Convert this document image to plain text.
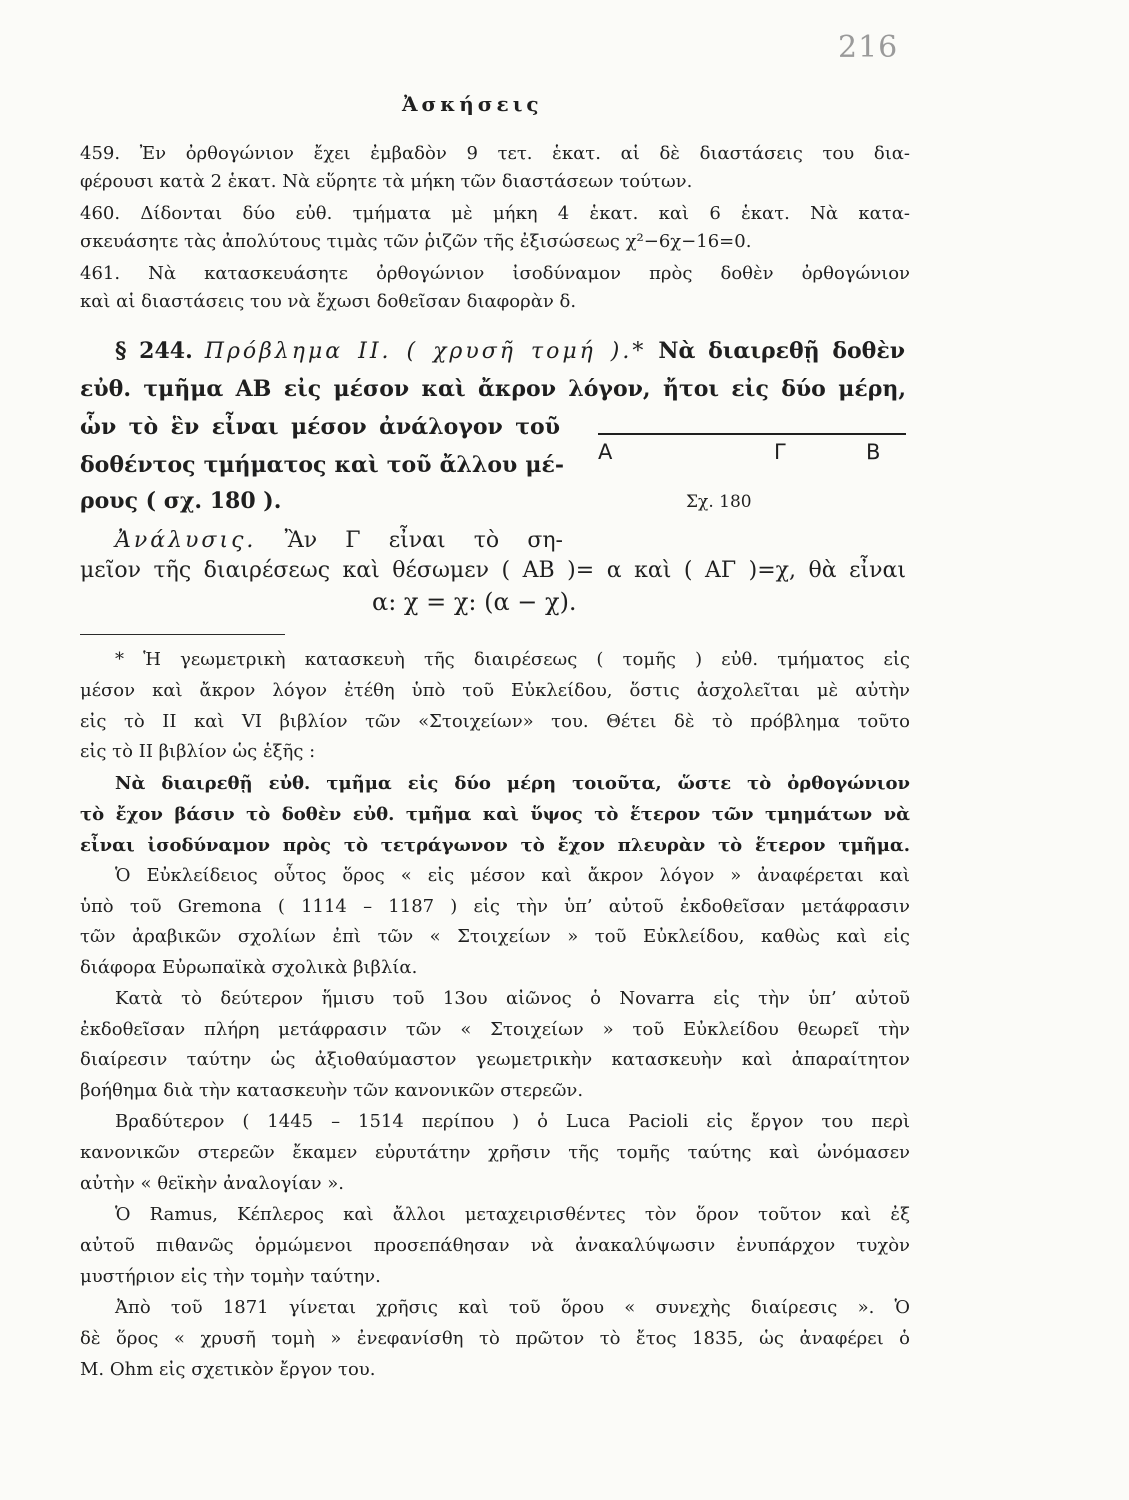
216
Ἀσκήσεις
459. Ἐν ὀρθογώνιον ἔχει ἐμβαδὸν 9 τετ. ἑκατ. αἱ δὲ διαστάσεις του δια-
φέρουσι κατὰ 2 ἑκατ. Νὰ εὕρητε τὰ μήκη τῶν διαστάσεων τούτων.
460. Δίδονται δύο εὐθ. τμήματα μὲ μήκη 4 ἑκατ. καὶ 6 ἑκατ. Νὰ κατα-
σκευάσητε τὰς ἀπολύτους τιμὰς τῶν ῥιζῶν τῆς ἐξισώσεως χ²−6χ−16=0.
461. Νὰ κατασκευάσητε ὀρθογώνιον ἰσοδύναμον πρὸς δοθὲν ὀρθογώνιον
καὶ αἱ διαστάσεις του νὰ ἔχωσι δοθεῖσαν διαφορὰν δ.
§ 244. Πρόβλημα ΙΙ. ( χρυσῆ τομή ).* Νὰ διαιρεθῇ δοθὲν
εὐθ. τμῆμα ΑΒ εἰς μέσον καὶ ἄκρον λόγον, ἤτοι εἰς δύο μέρη,
ὧν τὸ ἓν εἶναι μέσον ἀνάλογον τοῦ
δοθέντος τμήματος καὶ τοῦ ἄλλου μέ-
ρους ( σχ. 180 ).
Α	Γ	Β
Σχ. 180
Ἀνάλυσις. Ἂν Γ εἶναι τὸ ση-
μεῖον τῆς διαιρέσεως καὶ θέσωμεν ( ΑΒ )= α καὶ ( ΑΓ )=χ, θὰ εἶναι
α: χ = χ: (α − χ).
* Ἡ γεωμετρικὴ κατασκευὴ τῆς διαιρέσεως ( τομῆς ) εὐθ. τμήματος εἰς
μέσον καὶ ἄκρον λόγον ἐτέθη ὑπὸ τοῦ Εὐκλείδου, ὅστις ἀσχολεῖται μὲ αὐτὴν
εἰς τὸ ΙΙ καὶ VI βιβλίον τῶν «Στοιχείων» του. Θέτει δὲ τὸ πρόβλημα τοῦτο
εἰς τὸ ΙΙ βιβλίον ὡς ἑξῆς :
Νὰ διαιρεθῇ εὐθ. τμῆμα εἰς δύο μέρη τοιοῦτα, ὥστε τὸ ὀρθογώνιον
τὸ ἔχον βάσιν τὸ δοθὲν εὐθ. τμῆμα καὶ ὕψος τὸ ἕτερον τῶν τμημάτων νὰ
εἶναι ἰσοδύναμον πρὸς τὸ τετράγωνον τὸ ἔχον πλευρὰν τὸ ἕτερον τμῆμα.
Ὁ Εὐκλείδειος οὗτος ὅρος « εἰς μέσον καὶ ἄκρον λόγον » ἀναφέρεται καὶ
ὑπὸ τοῦ Gremona ( 1114 – 1187 ) εἰς τὴν ὑπ’ αὐτοῦ ἐκδοθεῖσαν μετάφρασιν
τῶν ἀραβικῶν σχολίων ἐπὶ τῶν « Στοιχείων » τοῦ Εὐκλείδου, καθὼς καὶ εἰς
διάφορα Εὐρωπαϊκὰ σχολικὰ βιβλία.
Κατὰ τὸ δεύτερον ἥμισυ τοῦ 13ου αἰῶνος ὁ Novarra εἰς τὴν ὑπ’ αὐτοῦ
ἐκδοθεῖσαν πλήρη μετάφρασιν τῶν « Στοιχείων » τοῦ Εὐκλείδου θεωρεῖ τὴν
διαίρεσιν ταύτην ὡς ἀξιοθαύμαστον γεωμετρικὴν κατασκευὴν καὶ ἀπαραίτητον
βοήθημα διὰ τὴν κατασκευὴν τῶν κανονικῶν στερεῶν.
Βραδύτερον ( 1445 – 1514 περίπου ) ὁ Luca Pacioli εἰς ἔργον του περὶ
κανονικῶν στερεῶν ἔκαμεν εὐρυτάτην χρῆσιν τῆς τομῆς ταύτης καὶ ὠνόμασεν
αὐτὴν « θεϊκὴν ἀναλογίαν ».
Ὁ Ramus, Κέπλερος καὶ ἄλλοι μεταχειρισθέντες τὸν ὅρον τοῦτον καὶ ἐξ
αὐτοῦ πιθανῶς ὁρμώμενοι προσεπάθησαν νὰ ἀνακαλύψωσιν ἐνυπάρχον τυχὸν
μυστήριον εἰς τὴν τομὴν ταύτην.
Ἀπὸ τοῦ 1871 γίνεται χρῆσις καὶ τοῦ ὅρου « συνεχὴς διαίρεσις ». Ὁ
δὲ ὅρος « χρυσῆ τομὴ » ἐνεφανίσθη τὸ πρῶτον τὸ ἔτος 1835, ὡς ἀναφέρει ὁ
Μ. Ohm εἰς σχετικὸν ἔργον του.
